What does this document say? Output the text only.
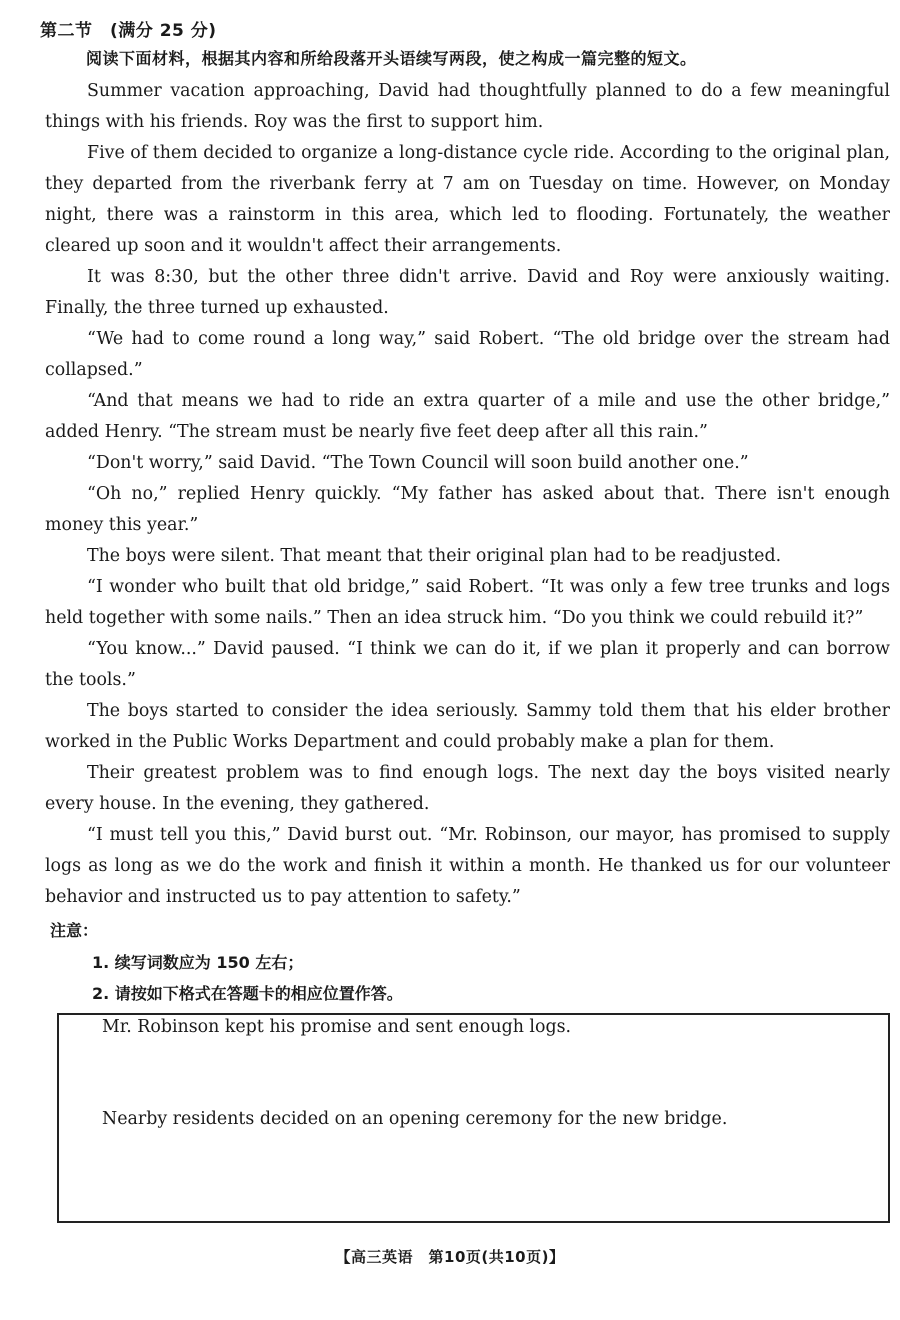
第二节　(满分 25 分)
阅读下面材料，根据其内容和所给段落开头语续写两段，使之构成一篇完整的短文。

Summer vacation approaching, David had thoughtfully planned to do a few meaningful things with his friends. Roy was the first to support him.

Five of them decided to organize a long-distance cycle ride. According to the original plan, they departed from the riverbank ferry at 7 am on Tuesday on time. However, on Monday night, there was a rainstorm in this area, which led to flooding. Fortunately, the weather cleared up soon and it wouldn't affect their arrangements.

It was 8:30, but the other three didn't arrive. David and Roy were anxiously waiting. Finally, the three turned up exhausted.

“We had to come round a long way,” said Robert. “The old bridge over the stream had collapsed.”

“And that means we had to ride an extra quarter of a mile and use the other bridge,” added Henry. “The stream must be nearly five feet deep after all this rain.”

“Don't worry,” said David. “The Town Council will soon build another one.”

“Oh no,” replied Henry quickly. “My father has asked about that. There isn't enough money this year.”

The boys were silent. That meant that their original plan had to be readjusted.

“I wonder who built that old bridge,” said Robert. “It was only a few tree trunks and logs held together with some nails.” Then an idea struck him. “Do you think we could rebuild it?”

“You know...” David paused. “I think we can do it, if we plan it properly and can borrow the tools.”

The boys started to consider the idea seriously. Sammy told them that his elder brother worked in the Public Works Department and could probably make a plan for them.

Their greatest problem was to find enough logs. The next day the boys visited nearly every house. In the evening, they gathered.

“I must tell you this,” David burst out. “Mr. Robinson, our mayor, has promised to supply logs as long as we do the work and finish it within a month. He thanked us for our volunteer behavior and instructed us to pay attention to safety.”

注意：
1. 续写词数应为 150 左右；
2. 请按如下格式在答题卡的相应位置作答。
Mr. Robinson kept his promise and sent enough logs.
Nearby residents decided on an opening ceremony for the new bridge.
【高三英语　第10页(共10页)】
